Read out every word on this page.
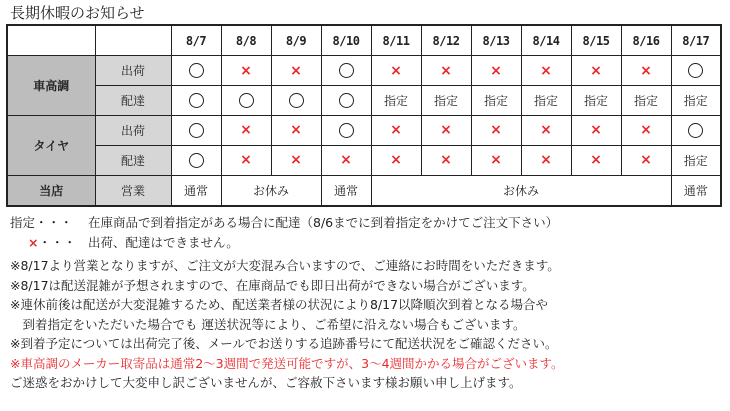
長期休暇のお知らせ
		8/7	8/8	8/9	8/10	8/11	8/12	8/13	8/14	8/15	8/16	8/17
車高調	出荷		×	×		×	×	×	×	×	×	
	配達					指定	指定	指定	指定	指定	指定	指定
タイヤ	出荷		×	×		×	×	×	×	×	×	
	配達		×	×	×	×	×	×	×	×	×	指定
当店	営業	通常	お休み		通常	お休み						通常
指定・・・ 在庫商品で到着指定がある場合に配達（8/6までに到着指定をかけてご注文下さい）
×・・・ 出荷、配達はできません。
※8/17より営業となりますが、ご注文が大変混み合いますので、ご連絡にお時間をいただきます。
※8/17は配送混雑が予想されますので、在庫商品でも即日出荷ができない場合がございます。
※連休前後は配送が大変混雑するため、配送業者様の状況により8/17以降順次到着となる場合や
　到着指定をいただいた場合でも 運送状況等により、ご希望に沿えない場合もございます。
※到着予定については出荷完了後、メールでお送りする追跡番号にて配送状況をご確認ください。
※車高調のメーカー取寄品は通常2～3週間で発送可能ですが、3～4週間かかる場合がございます。
ご迷惑をおかけして大変申し訳ございませんが、ご容赦下さいます様お願い申し上げます。
